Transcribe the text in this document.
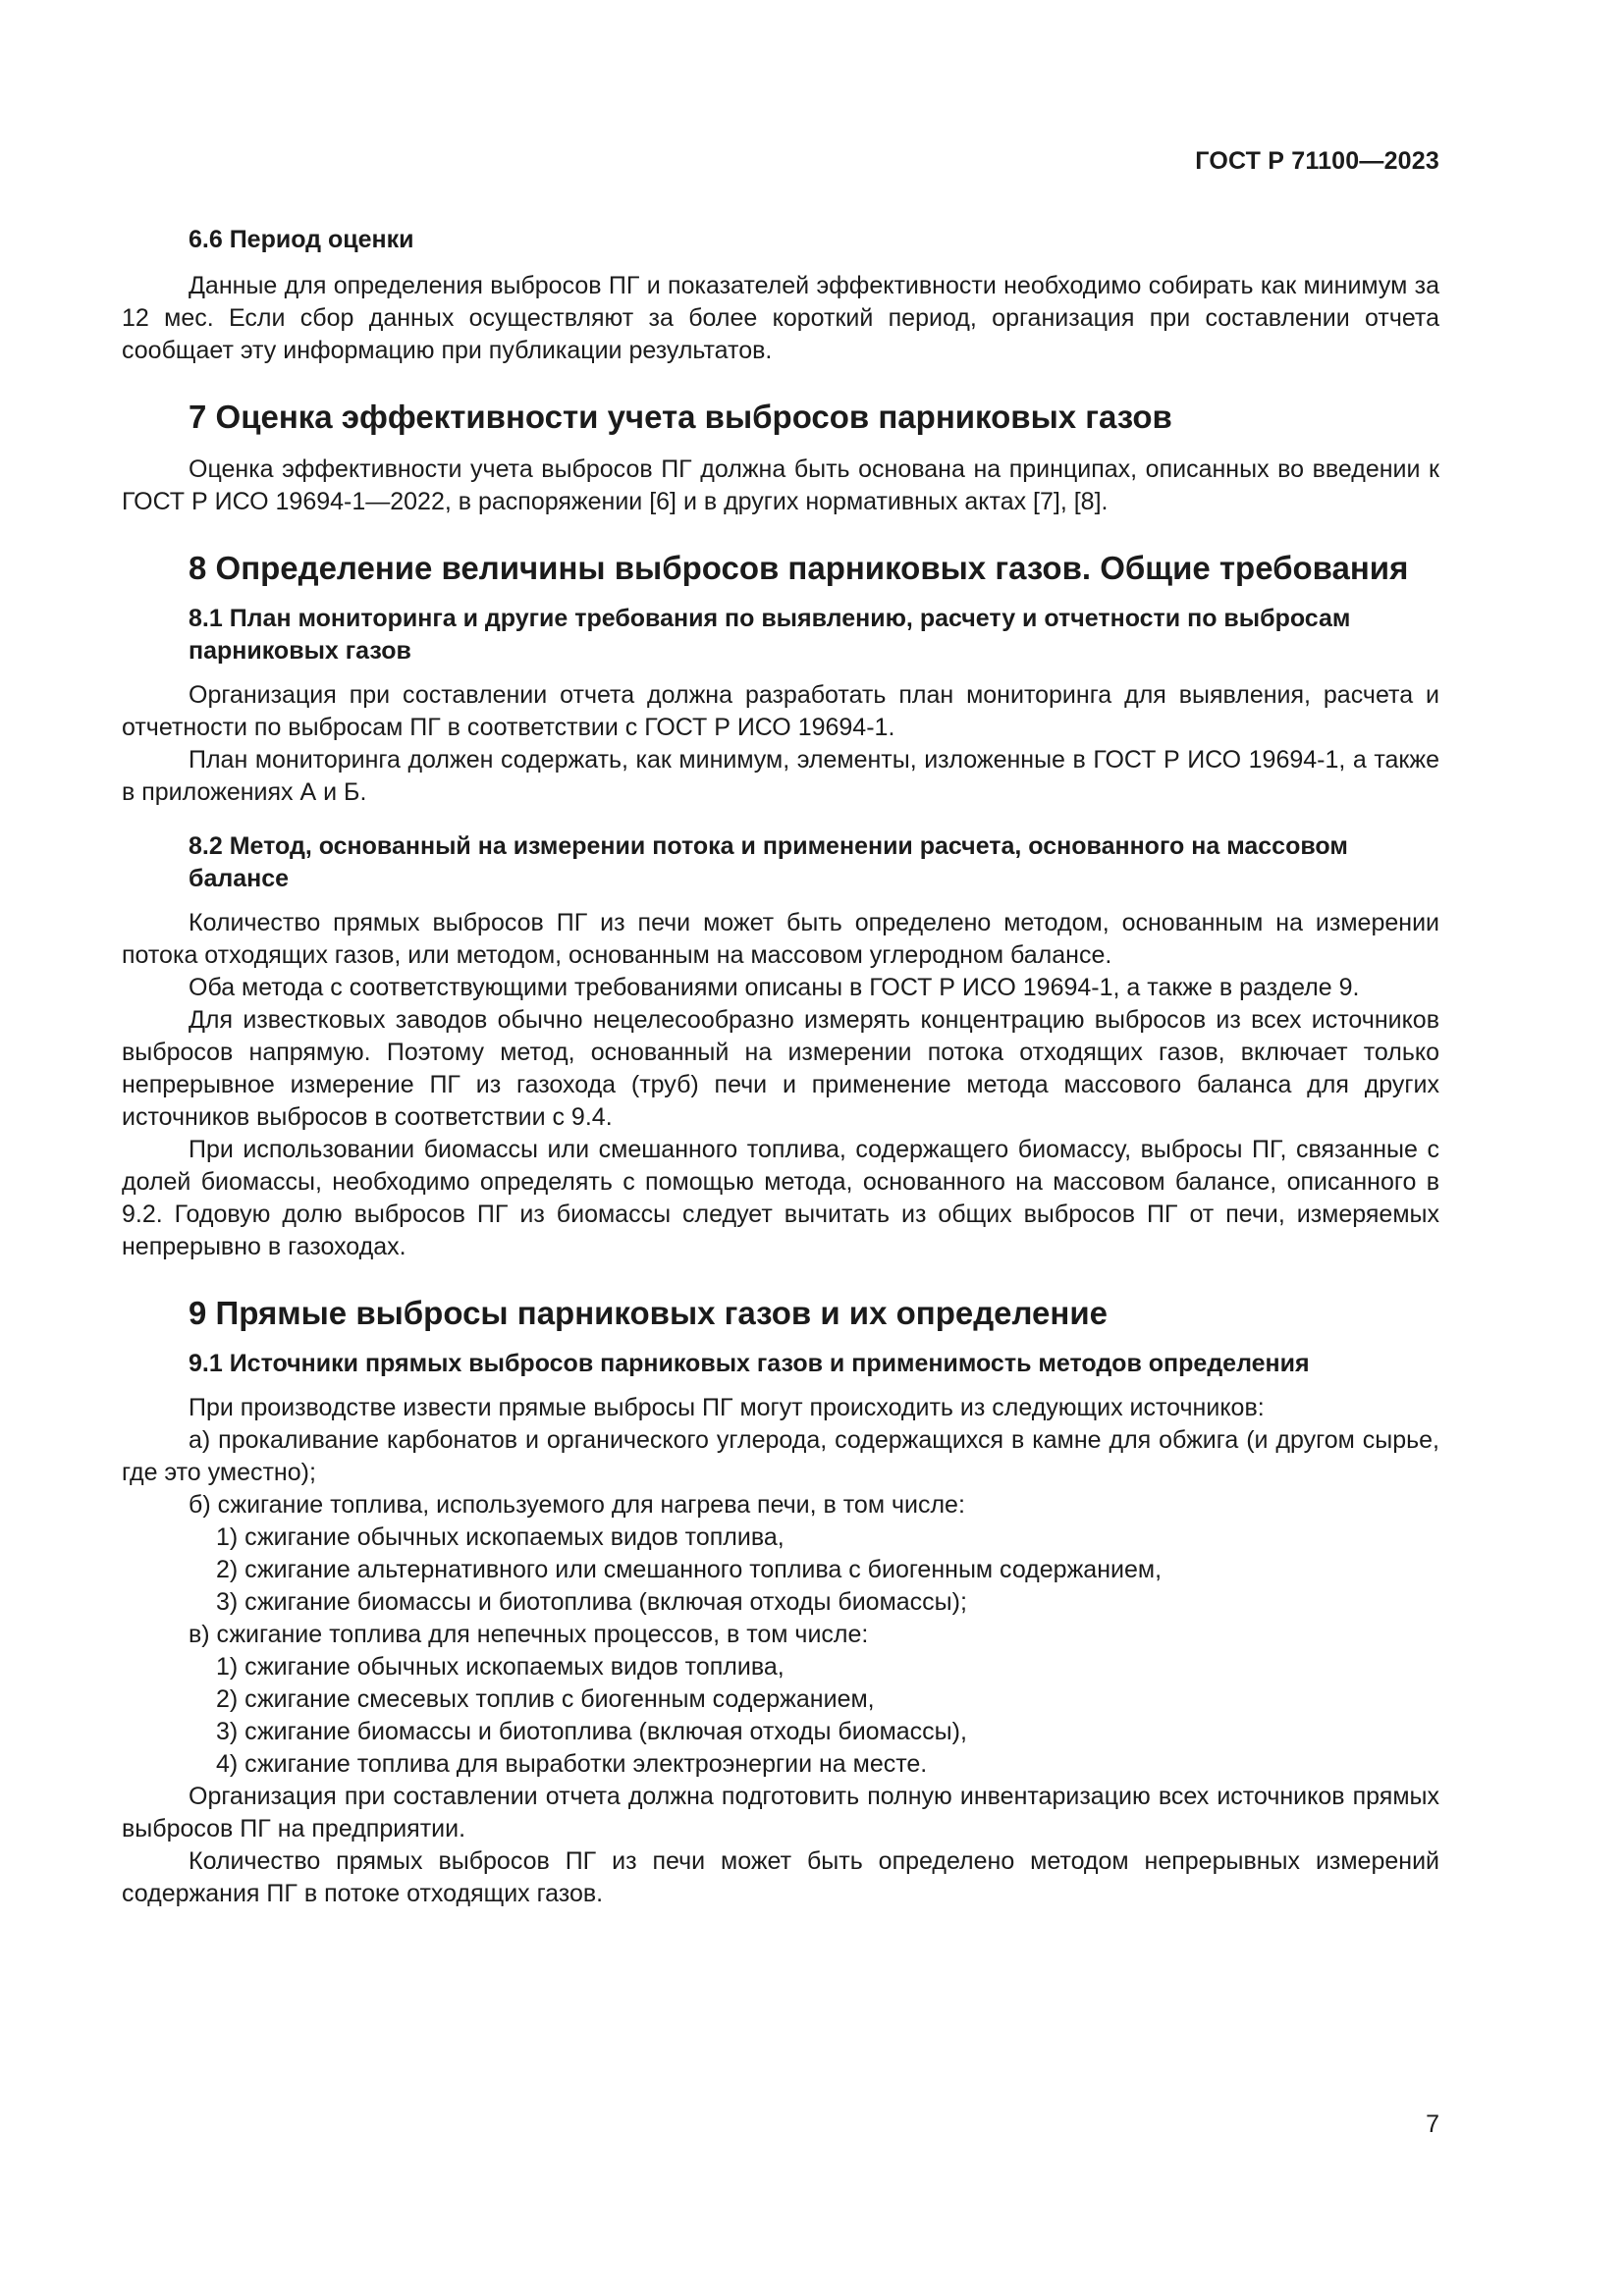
ГОСТ Р 71100—2023
6.6 Период оценки

Данные для определения выбросов ПГ и показателей эффективности необходимо собирать как минимум за 12 мес. Если сбор данных осуществляют за более короткий период, организация при составлении отчета сообщает эту информацию при публикации результатов.

7 Оценка эффективности учета выбросов парниковых газов

Оценка эффективности учета выбросов ПГ должна быть основана на принципах, описанных во введении к ГОСТ Р ИСО 19694-1—2022, в распоряжении [6] и в других нормативных актах [7], [8].

8 Определение величины выбросов парниковых газов. Общие требования
8.1 План мониторинга и другие требования по выявлению, расчету и отчетности по выбросам парниковых газов

Организация при составлении отчета должна разработать план мониторинга для выявления, расчета и отчетности по выбросам ПГ в соответствии с ГОСТ Р ИСО 19694-1.

План мониторинга должен содержать, как минимум, элементы, изложенные в ГОСТ Р ИСО 19694-1, а также в приложениях А и Б.

8.2 Метод, основанный на измерении потока и применении расчета, основанного на массовом балансе

Количество прямых выбросов ПГ из печи может быть определено методом, основанным на измерении потока отходящих газов, или методом, основанным на массовом углеродном балансе.

Оба метода с соответствующими требованиями описаны в ГОСТ Р ИСО 19694-1, а также в разделе 9.

Для известковых заводов обычно нецелесообразно измерять концентрацию выбросов из всех источников выбросов напрямую. Поэтому метод, основанный на измерении потока отходящих газов, включает только непрерывное измерение ПГ из газохода (труб) печи и применение метода массового баланса для других источников выбросов в соответствии с 9.4.

При использовании биомассы или смешанного топлива, содержащего биомассу, выбросы ПГ, связанные с долей биомассы, необходимо определять с помощью метода, основанного на массовом балансе, описанного в 9.2. Годовую долю выбросов ПГ из биомассы следует вычитать из общих выбросов ПГ от печи, измеряемых непрерывно в газоходах.

9 Прямые выбросы парниковых газов и их определение
9.1 Источники прямых выбросов парниковых газов и применимость методов определения

При производстве извести прямые выбросы ПГ могут происходить из следующих источников:

а) прокаливание карбонатов и органического углерода, содержащихся в камне для обжига (и другом сырье, где это уместно);

б) сжигание топлива, используемого для нагрева печи, в том числе:

1) сжигание обычных ископаемых видов топлива,

2) сжигание альтернативного или смешанного топлива с биогенным содержанием,

3) сжигание биомассы и биотоплива (включая отходы биомассы);

в) сжигание топлива для непечных процессов, в том числе:

1) сжигание обычных ископаемых видов топлива,

2) сжигание смесевых топлив с биогенным содержанием,

3) сжигание биомассы и биотоплива (включая отходы биомассы),

4) сжигание топлива для выработки электроэнергии на месте.

Организация при составлении отчета должна подготовить полную инвентаризацию всех источников прямых выбросов ПГ на предприятии.

Количество прямых выбросов ПГ из печи может быть определено методом непрерывных измерений содержания ПГ в потоке отходящих газов.

7
